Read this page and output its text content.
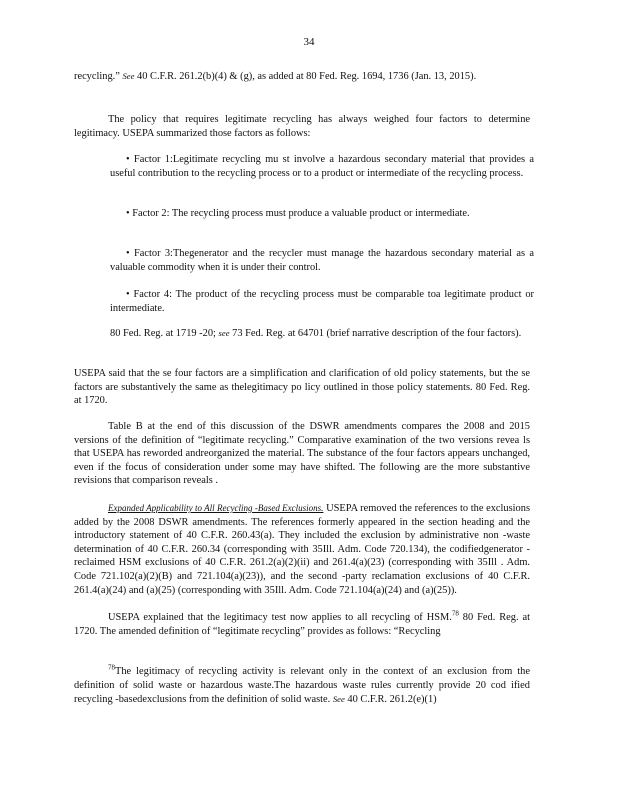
34

recycling.” See 40 C.F.R. 261.2(b)(4) & (g), as added at 80 Fed. Reg. 1694, 1736 (Jan. 13, 2015).

The policy that requires legitimate recycling has always weighed four factors to determine legitimacy. USEPA summarized those factors as follows:

• Factor 1:Legitimate recycling mu st involve a hazardous secondary material that provides a useful contribution to the recycling process or to a product or intermediate of the recycling process.

• Factor 2: The recycling process must produce a valuable product or intermediate.

• Factor 3:Thegenerator and the recycler must manage the hazardous secondary material as a valuable commodity when it is under their control.

• Factor 4: The product of the recycling process must be comparable toa legitimate product or intermediate.

80 Fed. Reg. at 1719 -20; see 73 Fed. Reg. at 64701 (brief narrative description of the four factors).

USEPA said that the se four factors are a simplification and clarification of old policy statements, but the se factors are substantively the same as thelegitimacy po licy outlined in those policy statements. 80 Fed. Reg. at 1720.

Table B at the end of this discussion of the DSWR amendments compares the 2008 and 2015 versions of the definition of “legitimate recycling.” Comparative examination of the two versions revea ls that USEPA has reworded andreorganized the material. The substance of the four factors appears unchanged, even if the focus of consideration under some may have shifted. The following are the more substantive revisions that comparison reveals .

Expanded Applicability to All Recycling -Based Exclusions. USEPA removed the references to the exclusions added by the 2008 DSWR amendments. The references formerly appeared in the section heading and the introductory statement of 40 C.F.R. 260.43(a). They included the exclusion by administrative non -waste determination of 40 C.F.R. 260.34 (corresponding with 35Ill. Adm. Code 720.134), the codifiedgenerator -reclaimed HSM exclusions of 40 C.F.R. 261.2(a)(2)(ii) and 261.4(a)(23) (corresponding with 35Ill . Adm. Code 721.102(a)(2)(B) and 721.104(a)(23)), and the second -party reclamation exclusions of 40 C.F.R. 261.4(a)(24) and (a)(25) (corresponding with 35Ill. Adm. Code 721.104(a)(24) and (a)(25)).

USEPA explained that the legitimacy test now applies to all recycling of HSM.$^{78}$ 80 Fed. Reg. at 1720. The amended definition of “legitimate recycling” provides as follows: “Recycling

$^{78}$The legitimacy of recycling activity is relevant only in the context of an exclusion from the definition of solid waste or hazardous waste.The hazardous waste rules currently provide 20 cod ified recycling -basedexclusions from the definition of solid waste. See 40 C.F.R. 261.2(e)(1)
